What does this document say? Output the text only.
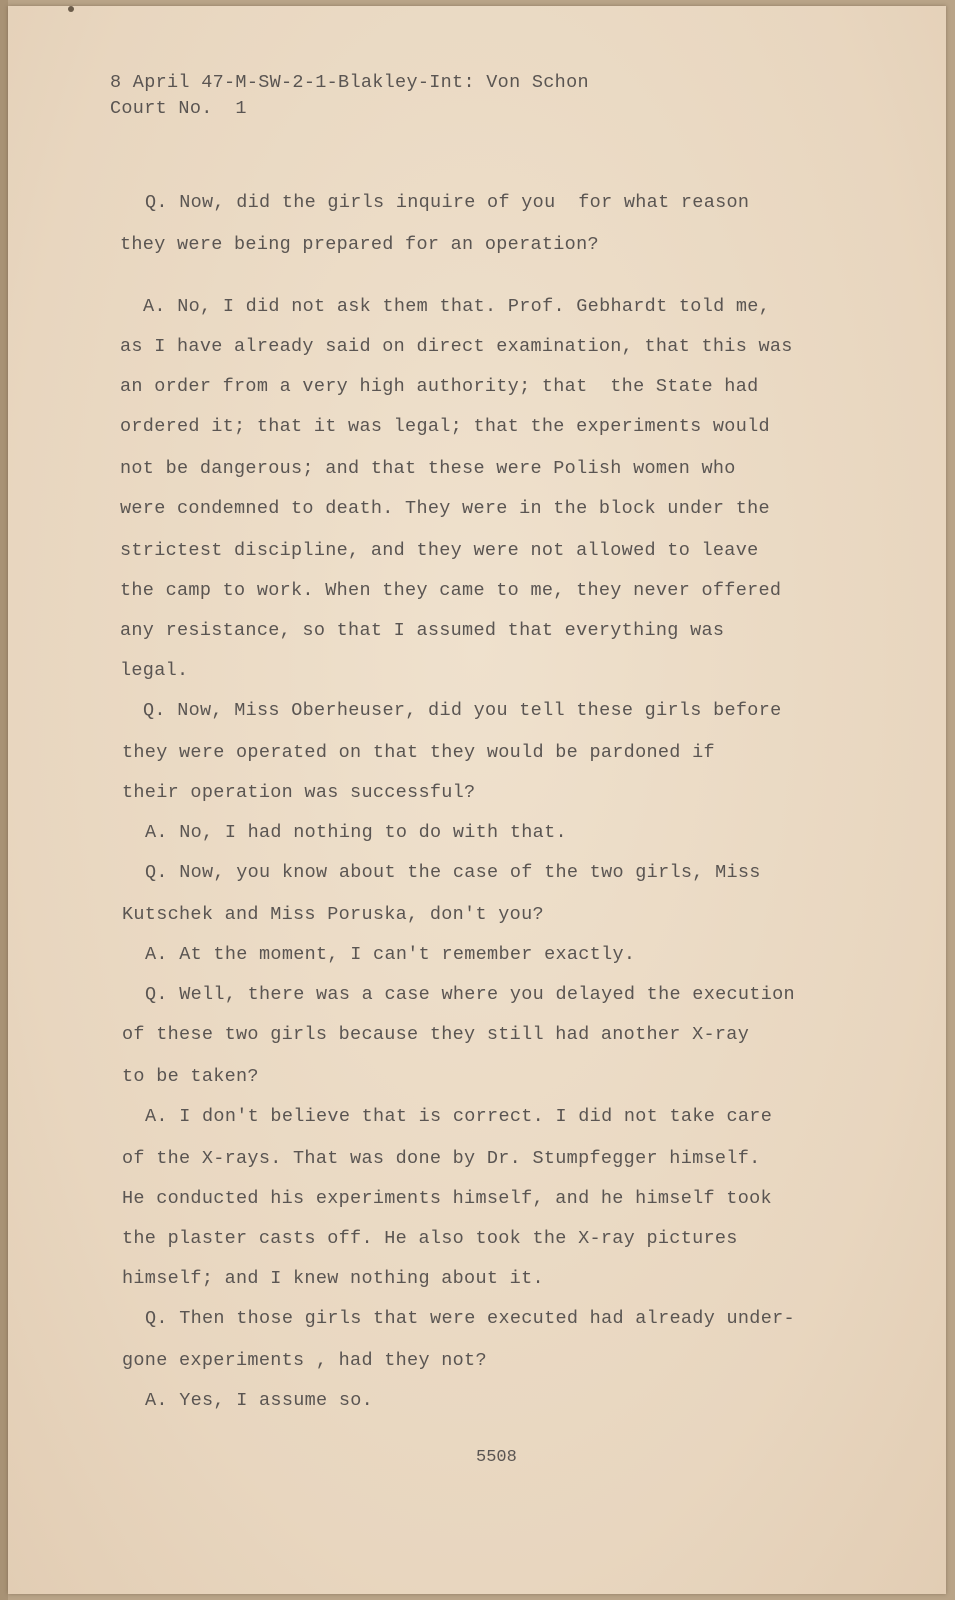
8 April 47-M-SW-2-1-Blakley-Int: Von Schon
Court No.  1
Q. Now, did the girls inquire of you  for what reason
they were being prepared for an operation?
A. No, I did not ask them that. Prof. Gebhardt told me,
as I have already said on direct examination, that this was
an order from a very high authority; that  the State had
ordered it; that it was legal; that the experiments would
not be dangerous; and that these were Polish women who
were condemned to death. They were in the block under the
strictest discipline, and they were not allowed to leave
the camp to work. When they came to me, they never offered
any resistance, so that I assumed that everything was
legal.
Q. Now, Miss Oberheuser, did you tell these girls before
they were operated on that they would be pardoned if
their operation was successful?
A. No, I had nothing to do with that.
Q. Now, you know about the case of the two girls, Miss
Kutschek and Miss Poruska, don't you?
A. At the moment, I can't remember exactly.
Q. Well, there was a case where you delayed the execution
of these two girls because they still had another X-ray
to be taken?
A. I don't believe that is correct. I did not take care
of the X-rays. That was done by Dr. Stumpfegger himself.
He conducted his experiments himself, and he himself took
the plaster casts off. He also took the X-ray pictures
himself; and I knew nothing about it.
Q. Then those girls that were executed had already under-
gone experiments , had they not?
A. Yes, I assume so.
5508
